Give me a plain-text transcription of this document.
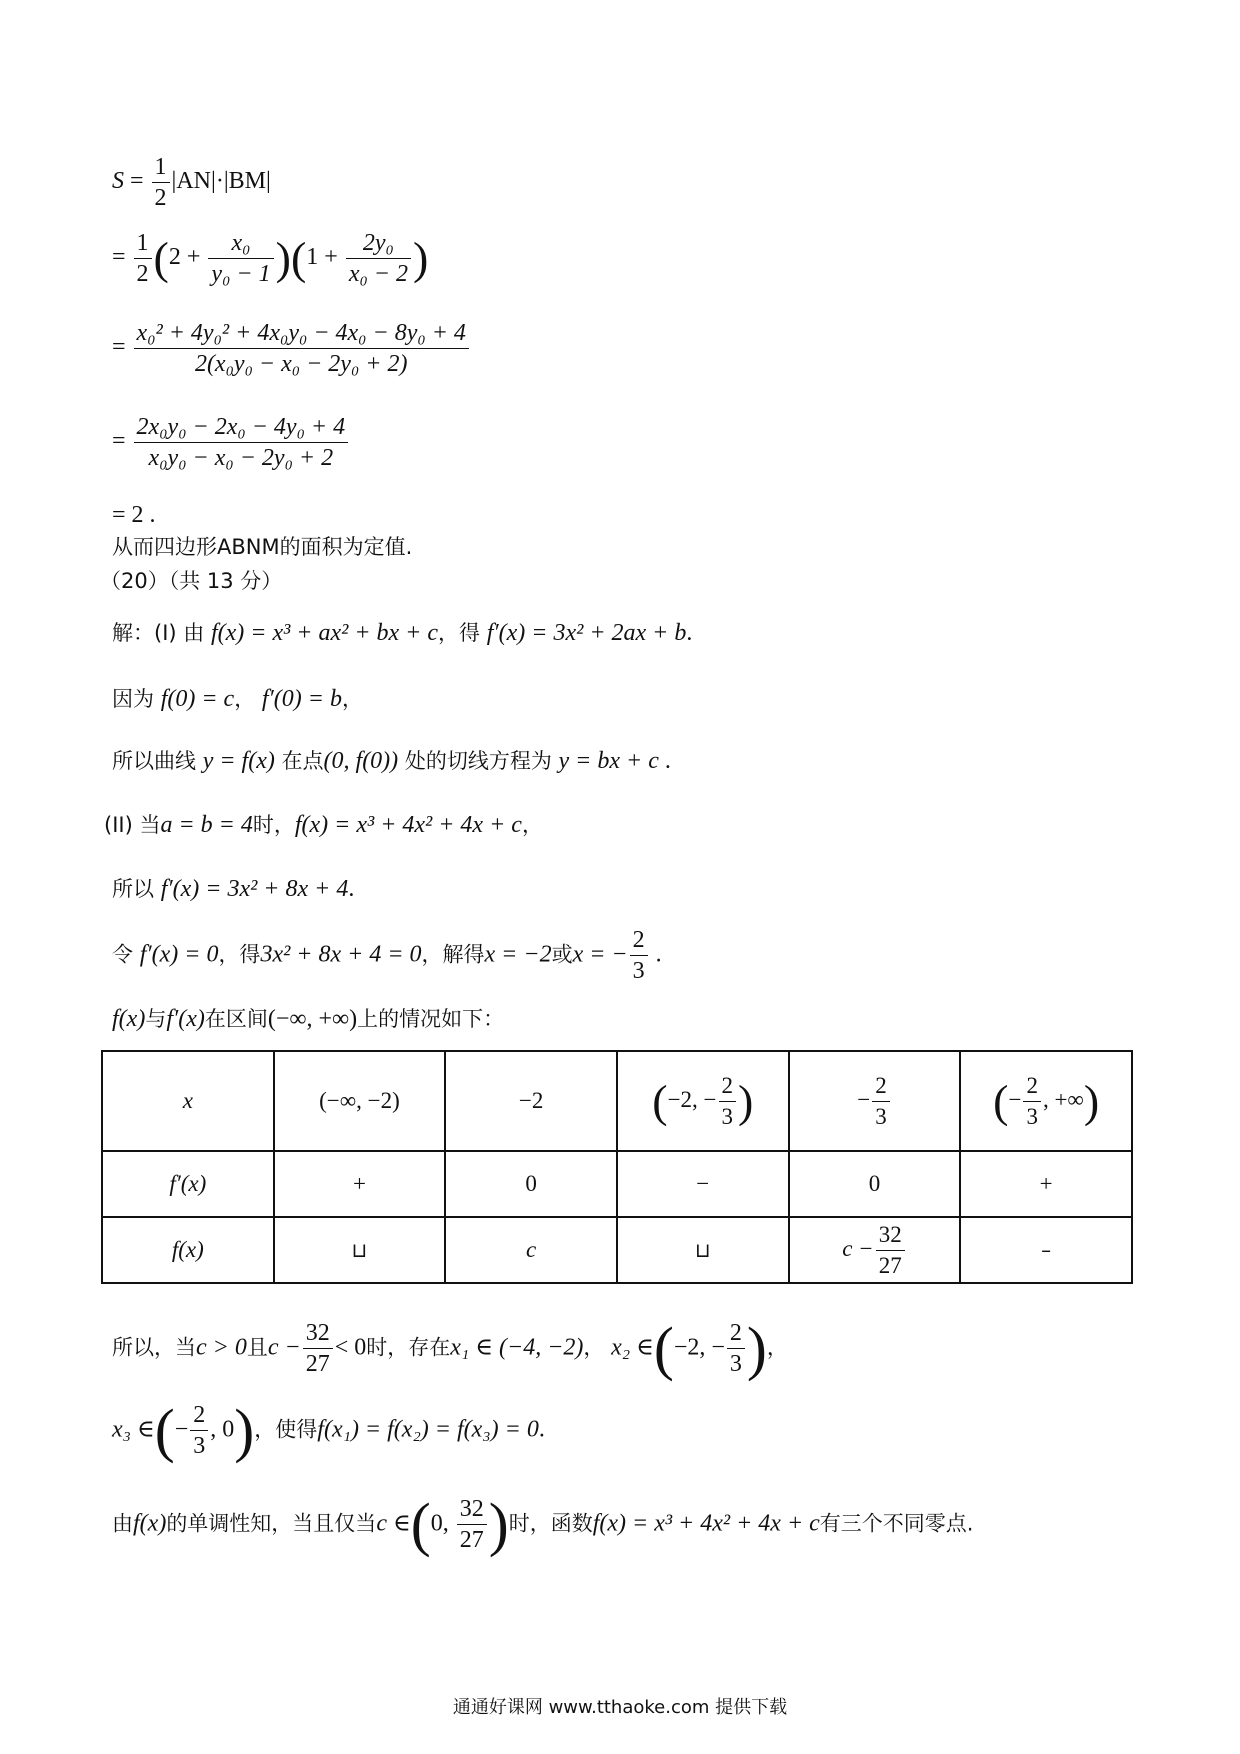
$S = \frac{1}{2} |AN|\cdot|BM|$
= $\frac{1}{2} (2 + \frac{\text{x₀}}{\text{y₀ − 1}} )(1 + \frac{\text{2y₀}}{\text{x₀ − 2}}$ )
= $\frac{\text{x₀² + 4y₀² + 4x₀y₀ − 4x₀ − 8y₀ + 4}}{\text{2(x₀y₀ − x₀ − 2y₀ + 2)}}$
= $\frac{\text{2x₀y₀ − 2x₀ − 4y₀ + 4}}{\text{x₀y₀ − x₀ − 2y₀ + 2}}$
= 2 .
从而四边形ABNM的面积为定值.
（20）（共 13 分）
解：(I) 由 f(x) = x³ + ax² + bx + c，得 f′(x) = 3x² + 2ax + b.
因为 f(0) = c， f′(0) = b，
所以曲线 y = f(x) 在点(0, f(0)) 处的切线方程为 y = bx + c .
(II) 当a = b = 4时，f(x) = x³ + 4x² + 4x + c，
所以 f′(x) = 3x² + 8x + 4.
令 f′(x) = 0，得3x² + 8x + 4 = 0，解得x = −2或x = − $\frac{2}{3}$ .
f(x)与f′(x)在区间(−∞, +∞)上的情况如下：
x	(−∞, −2)	−2	(−2, − $\frac{2}{3}$ )	− $\frac{2}{3}$	(− $\frac{2}{3}$ , +∞)
f′(x)	+	0	−	0	+
f(x)	⊔	c	⊔	$c - \frac{32}{27}$	–
所以，当c > 0且$c - \frac{32}{27} < 0$时，存在x₁ ∈ (−4, −2)， x₂ ∈(−2, − $\frac{2}{3}$ )，
x₃ ∈(− $\frac{2}{3}$ , 0)，使得f(x₁) = f(x₂) = f(x₃) = 0.
由f(x)的单调性知，当且仅当c ∈(0, $\frac{32}{27}$ )时，函数f(x) = x³ + 4x² + 4x + c有三个不同零点.
通通好课网 www.tthaoke.com 提供下载
